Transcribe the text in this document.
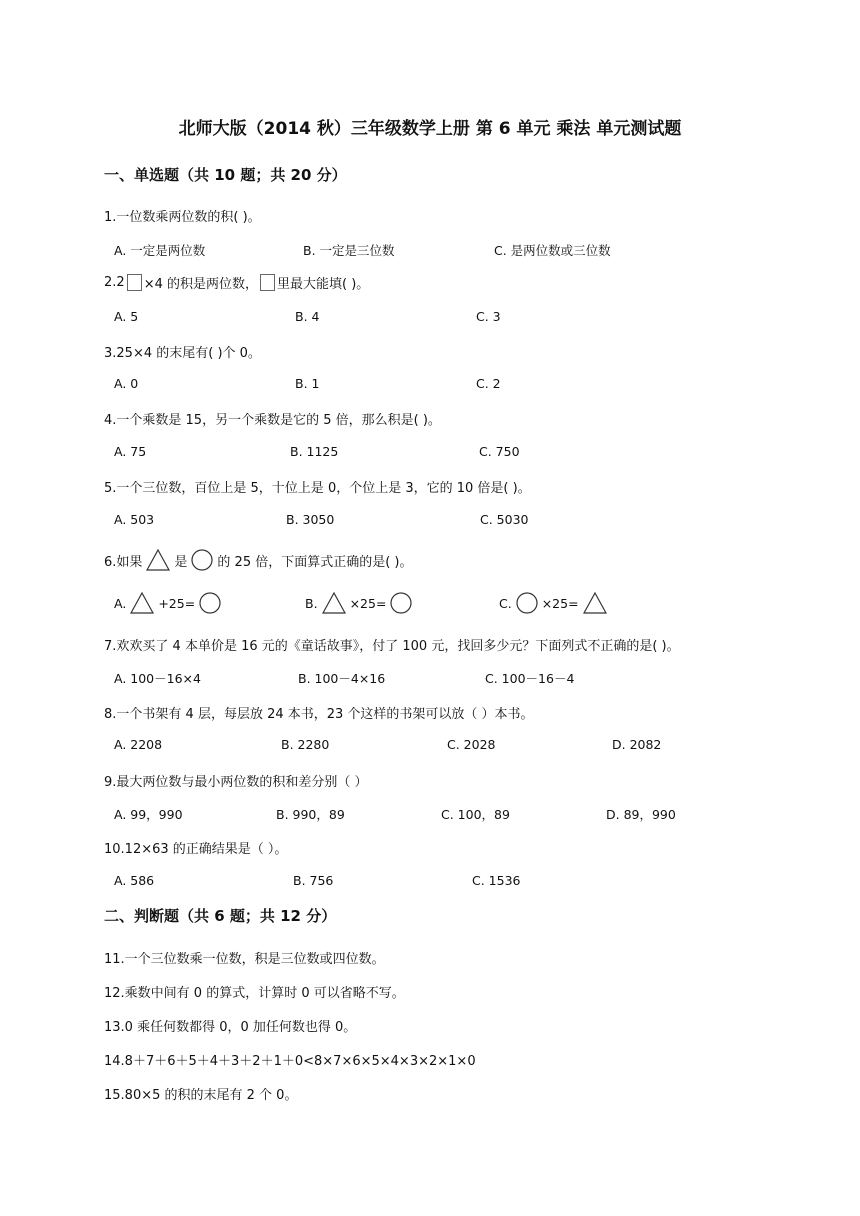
北师大版（2014 秋）三年级数学上册 第 6 单元 乘法 单元测试题
一、单选题（共 10 题；共 20 分）
1.一位数乘两位数的积( )。
A. 一定是两位数	B. 一定是三位数	C. 是两位数或三位数
2.2 ×4 的积是两位数， 里最大能填( )。
A. 5	B. 4	C. 3
3.25×4 的末尾有( )个 0。
A. 0	B. 1	C. 2
4.一个乘数是 15，另一个乘数是它的 5 倍，那么积是( )。
A. 75	B. 1125	C. 750
5.一个三位数，百位上是 5，十位上是 0，个位上是 3，它的 10 倍是( )。
A. 503	B. 3050	C. 5030
6.如果 是 的 25 倍，下面算式正确的是( )。
A.	+25=	B.	×25=	C. ×25=
7.欢欢买了 4 本单价是 16 元的《童话故事》，付了 100 元，找回多少元？下面列式不正确的是( )。
A. 100－16×4	B. 100－4×16	C. 100－16－4
8.一个书架有 4 层，每层放 24 本书，23 个这样的书架可以放（ ）本书。
A. 2208	B. 2280	C. 2028	D. 2082
9.最大两位数与最小两位数的积和差分别（ ）
A. 99，990	B. 990，89	C. 100，89	D. 89，990
10.12×63 的正确结果是（ ）。
A. 586	B. 756	C. 1536
二、判断题（共 6 题；共 12 分）
11.一个三位数乘一位数，积是三位数或四位数。
12.乘数中间有 0 的算式，计算时 0 可以省略不写。
13.0 乘任何数都得 0，0 加任何数也得 0。
14.8＋7＋6＋5＋4＋3＋2＋1＋0<8×7×6×5×4×3×2×1×0
15.80×5 的积的末尾有 2 个 0。
